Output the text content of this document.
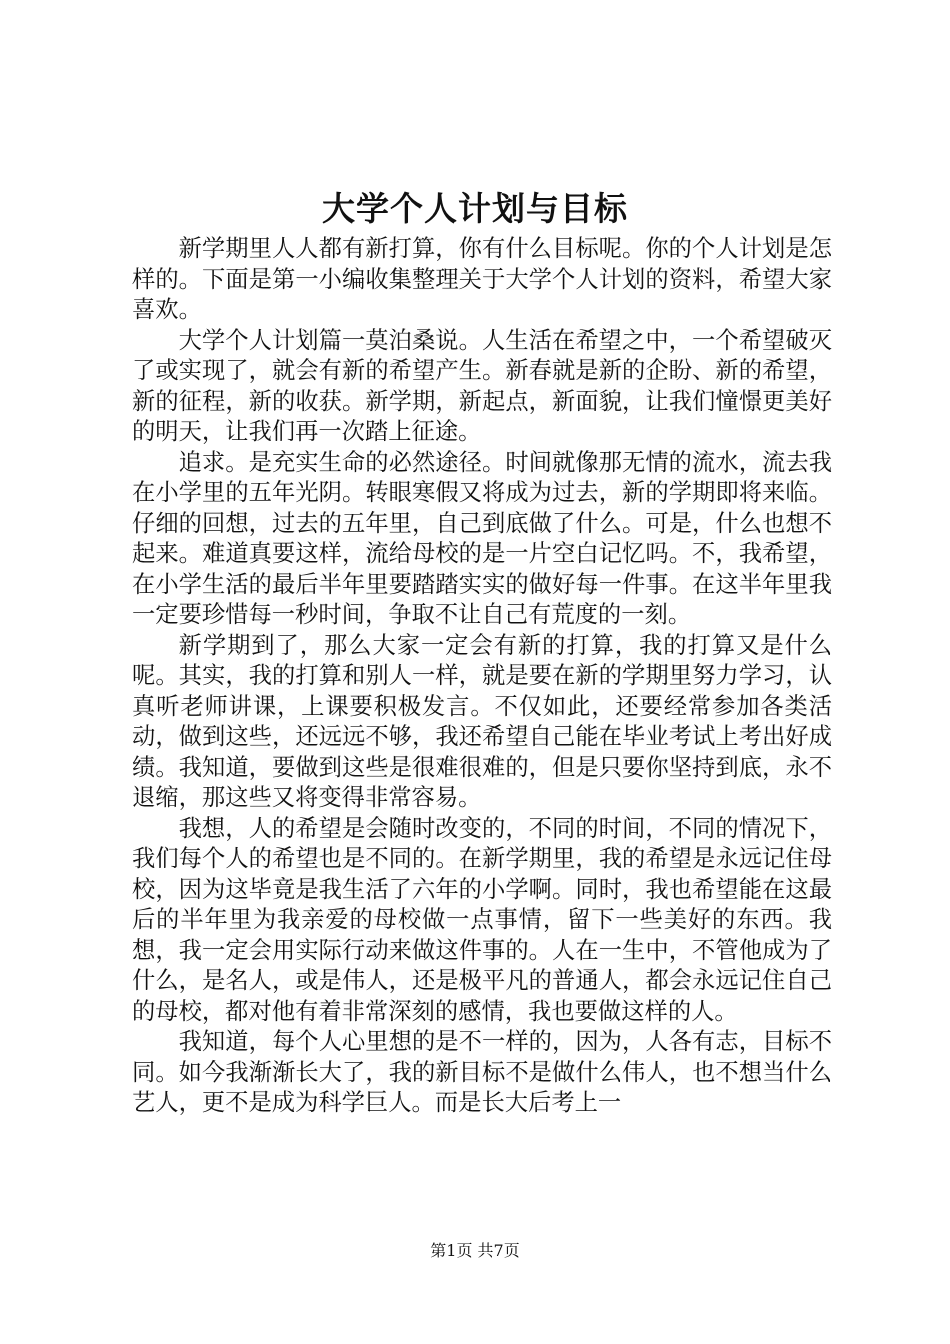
大学个人计划与目标

新学期里人人都有新打算，你有什么目标呢。你的个人计划是怎样的。下面是第一小编收集整理关于大学个人计划的资料，希望大家喜欢。

大学个人计划篇一莫泊桑说。人生活在希望之中，一个希望破灭了或实现了，就会有新的希望产生。新春就是新的企盼、新的希望，新的征程，新的收获。新学期，新起点，新面貌，让我们憧憬更美好的明天，让我们再一次踏上征途。

追求。是充实生命的必然途径。时间就像那无情的流水，流去我在小学里的五年光阴。转眼寒假又将成为过去，新的学期即将来临。仔细的回想，过去的五年里，自己到底做了什么。可是，什么也想不起来。难道真要这样，流给母校的是一片空白记忆吗。不，我希望，在小学生活的最后半年里要踏踏实实的做好每一件事。在这半年里我一定要珍惜每一秒时间，争取不让自己有荒度的一刻。

新学期到了，那么大家一定会有新的打算，我的打算又是什么呢。其实，我的打算和别人一样，就是要在新的学期里努力学习，认真听老师讲课，上课要积极发言。不仅如此，还要经常参加各类活动，做到这些，还远远不够，我还希望自己能在毕业考试上考出好成绩。我知道，要做到这些是很难很难的，但是只要你坚持到底，永不退缩，那这些又将变得非常容易。

我想，人的希望是会随时改变的，不同的时间，不同的情况下，我们每个人的希望也是不同的。在新学期里，我的希望是永远记住母校，因为这毕竟是我生活了六年的小学啊。同时，我也希望能在这最后的半年里为我亲爱的母校做一点事情，留下一些美好的东西。我想，我一定会用实际行动来做这件事的。人在一生中，不管他成为了什么，是名人，或是伟人，还是极平凡的普通人，都会永远记住自己的母校，都对他有着非常深刻的感情，我也要做这样的人。

我知道，每个人心里想的是不一样的，因为，人各有志，目标不同。如今我渐渐长大了，我的新目标不是做什么伟人，也不想当什么艺人，更不是成为科学巨人。而是长大后考上一

第1页 共7页
